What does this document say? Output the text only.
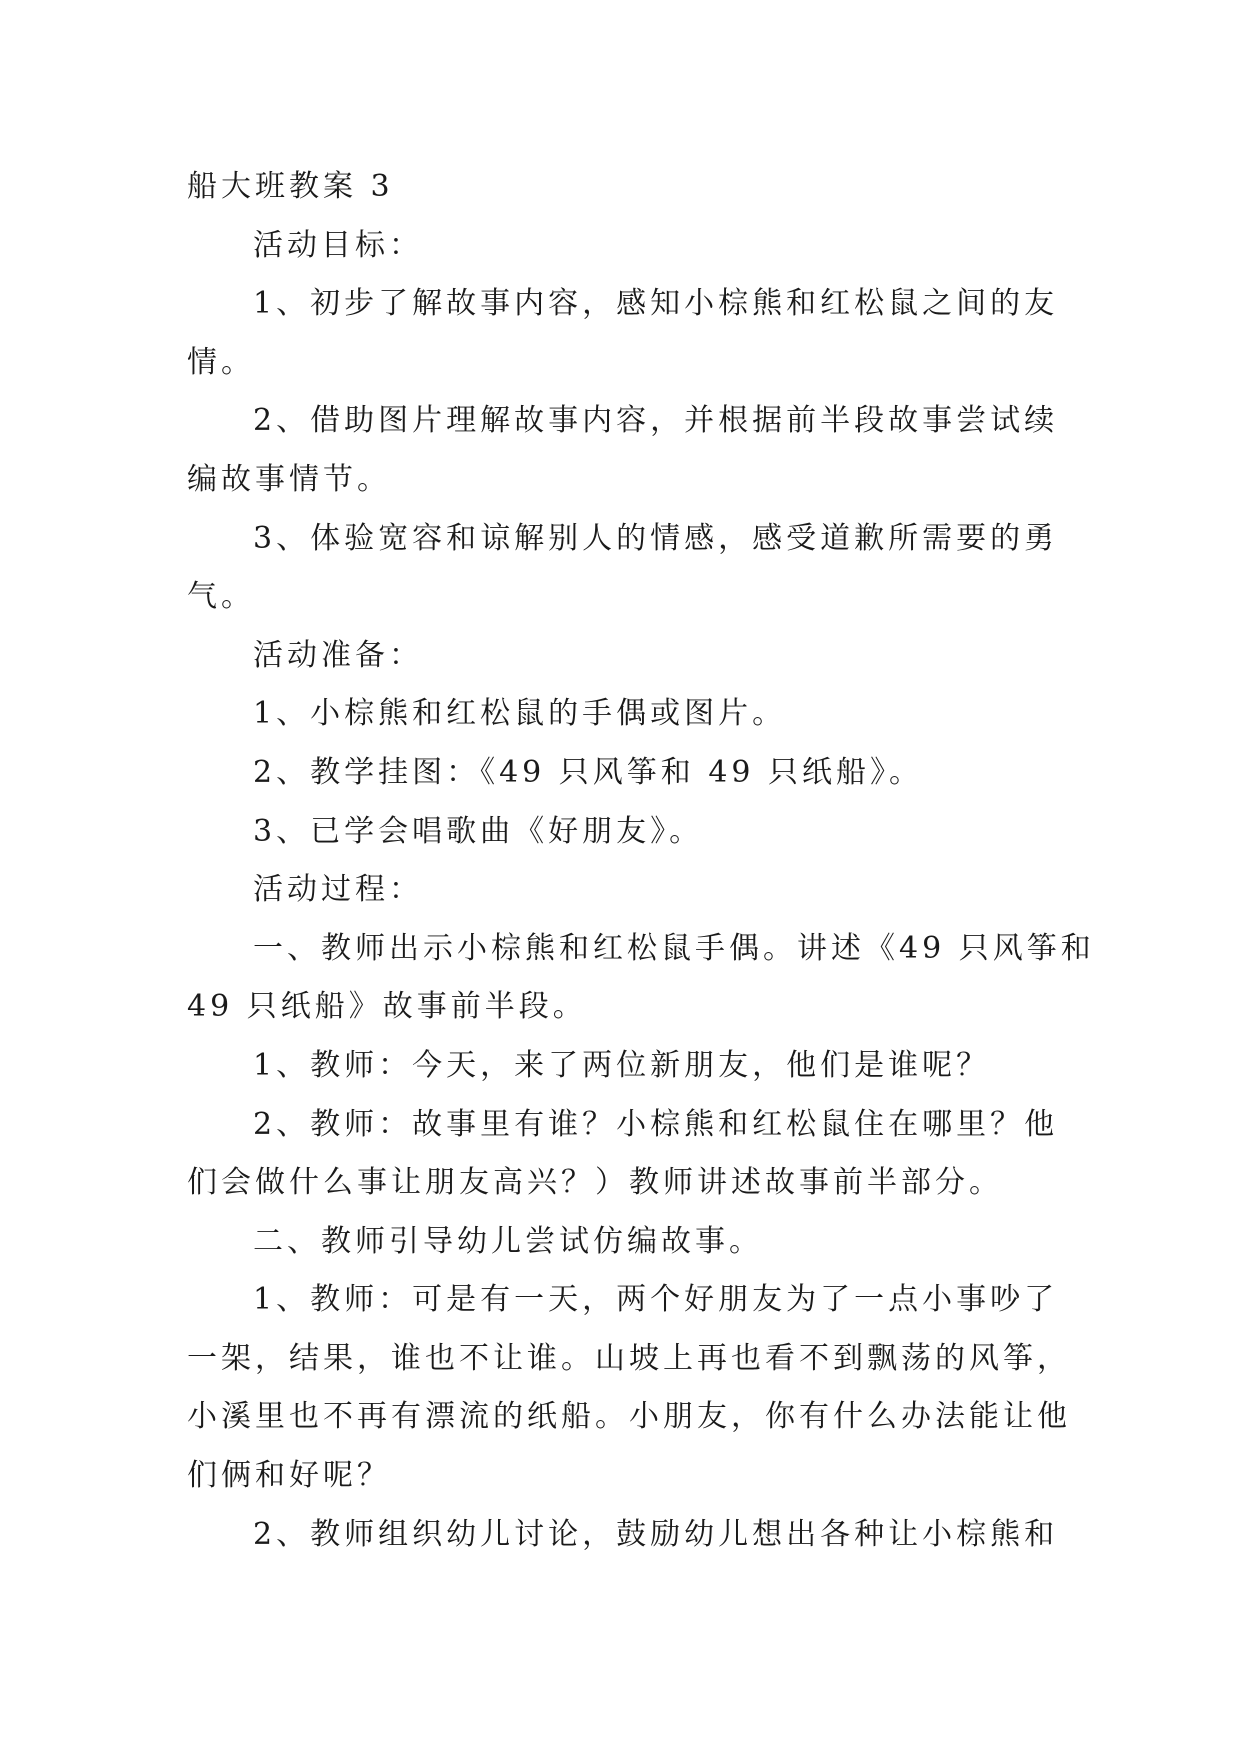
船大班教案 3
活动目标：
1、初步了解故事内容，感知小棕熊和红松鼠之间的友
情。
2、借助图片理解故事内容，并根据前半段故事尝试续
编故事情节。
3、体验宽容和谅解别人的情感，感受道歉所需要的勇
气。
活动准备：
1、小棕熊和红松鼠的手偶或图片。
2、教学挂图：《49 只风筝和 49 只纸船》。
3、已学会唱歌曲《好朋友》。
活动过程：
一、教师出示小棕熊和红松鼠手偶。讲述《49 只风筝和
49 只纸船》故事前半段。
1、教师：今天，来了两位新朋友，他们是谁呢？
2、教师：故事里有谁？小棕熊和红松鼠住在哪里？他
们会做什么事让朋友高兴？）教师讲述故事前半部分。
二、教师引导幼儿尝试仿编故事。
1、教师：可是有一天，两个好朋友为了一点小事吵了
一架，结果，谁也不让谁。山坡上再也看不到飘荡的风筝，
小溪里也不再有漂流的纸船。小朋友，你有什么办法能让他
们俩和好呢？
2、教师组织幼儿讨论，鼓励幼儿想出各种让小棕熊和
